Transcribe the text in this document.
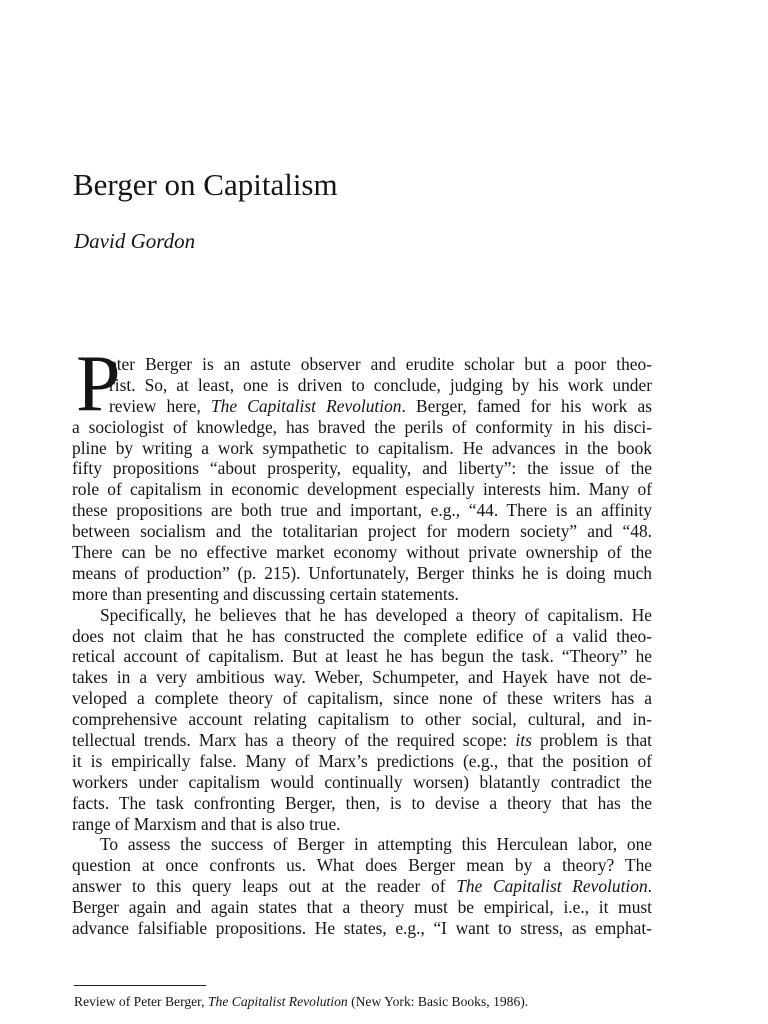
Berger on Capitalism
David Gordon
P
eter Berger is an astute observer and erudite scholar but a poor theo-
rist. So, at least, one is driven to conclude, judging by his work under
review here, The Capitalist Revolution. Berger, famed for his work as
a sociologist of knowledge, has braved the perils of conformity in his disci-
pline by writing a work sympathetic to capitalism. He advances in the book
fifty propositions “about prosperity, equality, and liberty”: the issue of the
role of capitalism in economic development especially interests him. Many of
these propositions are both true and important, e.g., “44. There is an affinity
between socialism and the totalitarian project for modern society” and “48.
There can be no effective market economy without private ownership of the
means of production” (p. 215). Unfortunately, Berger thinks he is doing much
more than presenting and discussing certain statements.
Specifically, he believes that he has developed a theory of capitalism. He
does not claim that he has constructed the complete edifice of a valid theo-
retical account of capitalism. But at least he has begun the task. “Theory” he
takes in a very ambitious way. Weber, Schumpeter, and Hayek have not de-
veloped a complete theory of capitalism, since none of these writers has a
comprehensive account relating capitalism to other social, cultural, and in-
tellectual trends. Marx has a theory of the required scope: its problem is that
it is empirically false. Many of Marx’s predictions (e.g., that the position of
workers under capitalism would continually worsen) blatantly contradict the
facts. The task confronting Berger, then, is to devise a theory that has the
range of Marxism and that is also true.
To assess the success of Berger in attempting this Herculean labor, one
question at once confronts us. What does Berger mean by a theory? The
answer to this query leaps out at the reader of The Capitalist Revolution.
Berger again and again states that a theory must be empirical, i.e., it must
advance falsifiable propositions. He states, e.g., “I want to stress, as emphat-
Review of Peter Berger, The Capitalist Revolution (New York: Basic Books, 1986).
